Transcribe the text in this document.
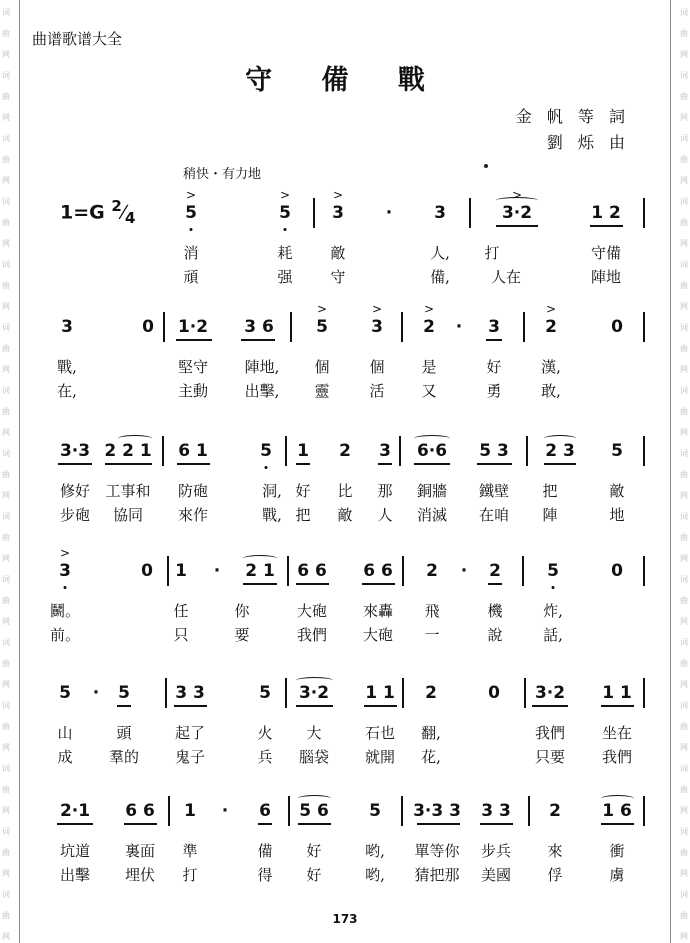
词
曲
网
词
曲
网
词
曲
网
词
曲
网
词
曲
网
词
曲
网
词
曲
网
词
曲
网
词
曲
网
词
曲
网
词
曲
网
词
曲
网
词
曲
网
词
曲
网
词
曲
网
词
曲
网
词
曲
网
词
曲
网
词
曲
网
词
曲
网
词
曲
网
词
曲
网
词
曲
网
词
曲
网
词
曲
网
词
曲
网
词
曲
网
词
曲
网
词
曲
网
词
曲
网
曲谱歌谱大全
守 備 戰
金 帆 等 詞
劉 烁 由
稍快・有力地
1=G $^2⁄_4$	5
>
5
>
3
>
· 3	3·2
>
1 2
消	耗	敵	人, 打	守備
頑	强	守	備,	人在	陣地
3	0 1·2 3 6 5
>
3
>
2
>
· 3	2
>
0
戰,	堅守 陣地, 個	個 是	好	漢,
在,	主動 出擊, 靈	活 又	勇	敢,
3·3 2 2 1 6 1	5 1 2 3 6·6 5 3 2 3 5
修好 工事和 防砲	洞, 好 比 那 銅牆 鐵壁 把	敵
步砲 協同 來作	戰, 把 敵 人 消滅 在咱 陣	地
3
>
0 1 · 2 1 6 6 6 6 2 · 2	5	0
鬭。	任	你	大砲 來轟 飛	機	炸,
前。	只	要	我們 大砲 一	說	話,
5 · 5	3 3	5 3·2 1 1 2	0 3·2 1 1
山	頭	起了	火 大	石也 翻,	我們 坐在
成 羣的 鬼子	兵 腦袋 就開 花,	只要 我們
2·1 6 6 1 · 6 5 6 5 3·3 3 3 3 2 1 6
坑道 裏面 準	備 好	哟, 單等你 步兵 來	衝
出擊 埋伏 打	得 好	哟, 猜把那 美國 俘	虜
173
